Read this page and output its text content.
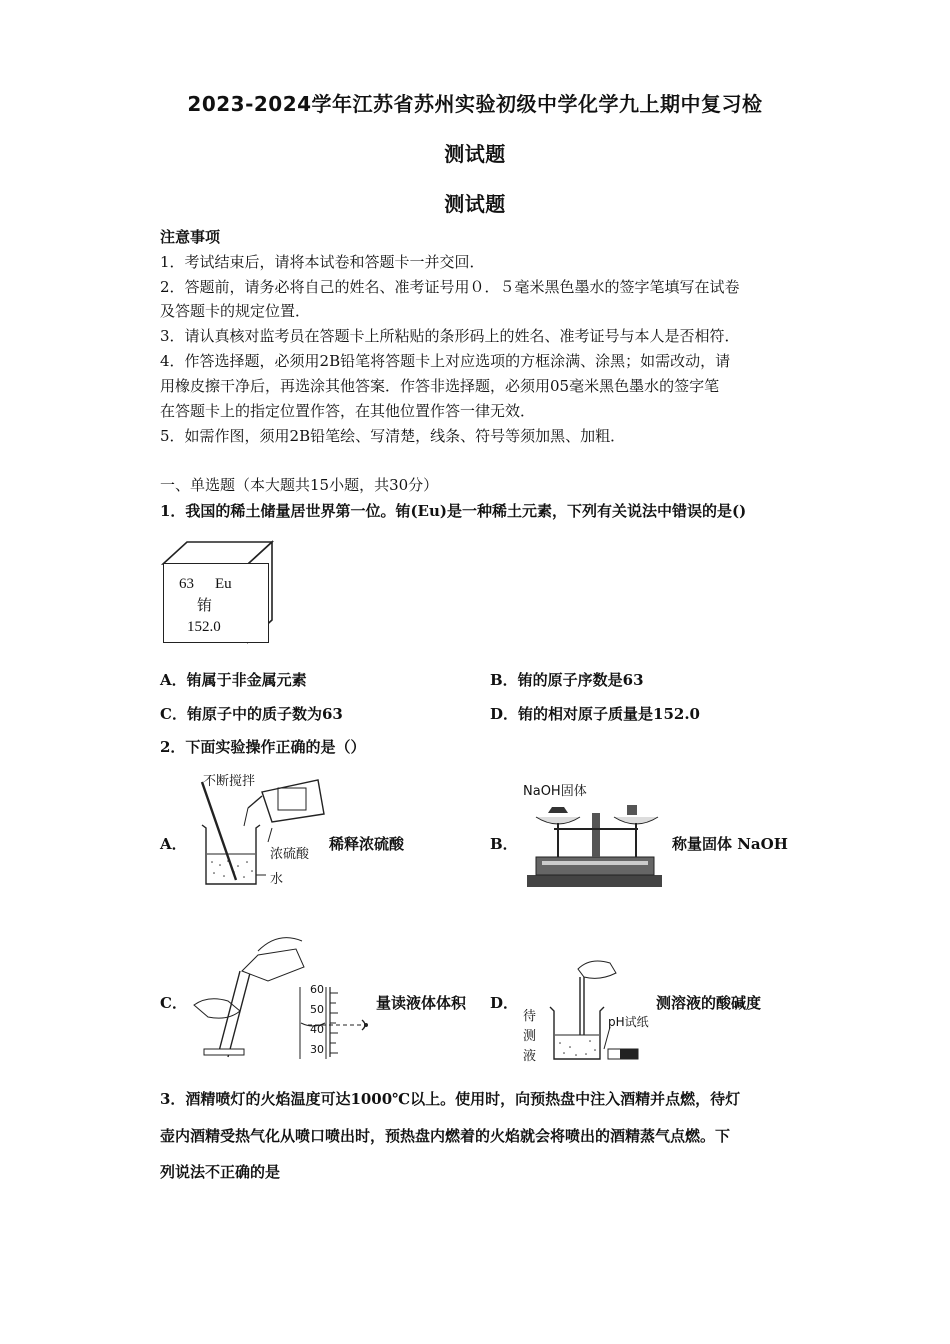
2023-2024学年江苏省苏州实验初级中学化学九上期中复习检
测试题
测试题
注意事项
1．考试结束后，请将本试卷和答题卡一并交回．
2．答题前，请务必将自己的姓名、准考证号用０．５毫米黑色墨水的签字笔填写在试卷
及答题卡的规定位置．
3．请认真核对监考员在答题卡上所粘贴的条形码上的姓名、准考证号与本人是否相符．
4．作答选择题，必须用2B铅笔将答题卡上对应选项的方框涂满、涂黑；如需改动，请
用橡皮擦干净后，再选涂其他答案．作答非选择题，必须用05毫米黑色墨水的签字笔
在答题卡上的指定位置作答，在其他位置作答一律无效．
5．如需作图，须用2B铅笔绘、写清楚，线条、符号等须加黑、加粗．
一、单选题（本大题共15小题，共30分）
1．我国的稀土储量居世界第一位。铕(Eu)是一种稀土元素，下列有关说法中错误的是()
63 Eu
铕
152.0
A．铕属于非金属元素	B．铕的原子序数是63
C．铕原子中的质子数为63	D．铕的相对原子质量是152.0
2．下面实验操作正确的是（）
A．
不断搅拌
浓硫酸
水
稀释浓硫酸	B．
NaOH固体
称量固体 NaOH
C．
60
50
40
30
量读液体体积 D．
待
测
液
pH试纸
测溶液的酸碱度
3．酒精喷灯的火焰温度可达1000℃以上。使用时，向预热盘中注入酒精并点燃，待灯
壶内酒精受热气化从喷口喷出时，预热盘内燃着的火焰就会将喷出的酒精蒸气点燃。下
列说法不正确的是
